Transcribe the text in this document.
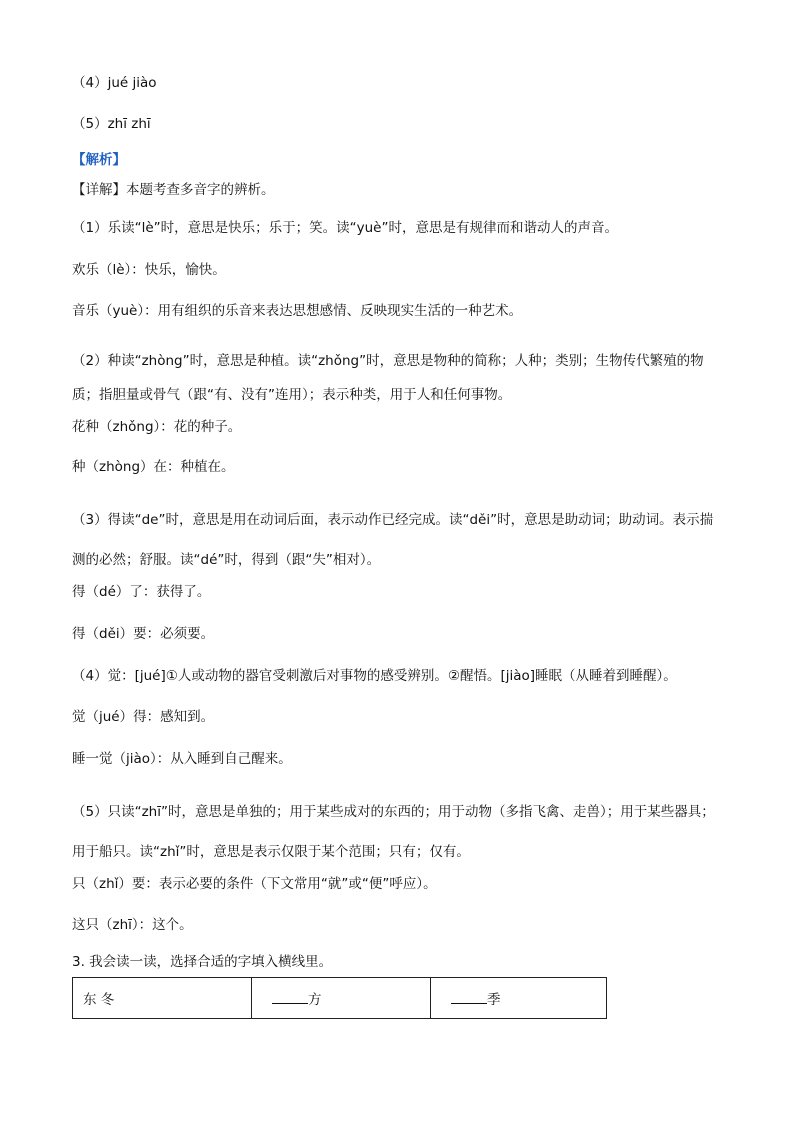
（4）jué jiào
（5）zhī zhī
【解析】
【详解】本题考查多音字的辨析。
（1）乐读“lè”时，意思是快乐；乐于；笑。读“yuè”时，意思是有规律而和谐动人的声音。
欢乐（lè）：快乐，愉快。
音乐（yuè）：用有组织的乐音来表达思想感情、反映现实生活的一种艺术。
（2）种读“zhòng”时，意思是种植。读“zhǒng”时，意思是物种的简称；人种；类别；生物传代繁殖的物质；指胆量或骨气（跟“有、没有”连用）；表示种类，用于人和任何事物。
花种（zhǒng）：花的种子。
种（zhòng）在：种植在。
（3）得读“de”时，意思是用在动词后面，表示动作已经完成。读“děi”时，意思是助动词；助动词。表示揣测的必然；舒服。读“dé”时，得到（跟“失”相对）。
得（dé）了：获得了。
得（děi）要：必须要。
（4）觉：[jué]①人或动物的器官受刺激后对事物的感受辨别。②醒悟。[jiào]睡眠（从睡着到睡醒）。
觉（jué）得：感知到。
睡一觉（jiào）：从入睡到自己醒来。
（5）只读“zhī”时，意思是单独的；用于某些成对的东西的；用于动物（多指飞禽、走兽）；用于某些器具；用于船只。读“zhǐ”时，意思是表示仅限于某个范围；只有；仅有。
只（zhǐ）要：表示必要的条件（下文常用“就”或“便”呼应）。
这只（zhī）：这个。
3. 我会读一读，选择合适的字填入横线里。
东 冬	方	季
